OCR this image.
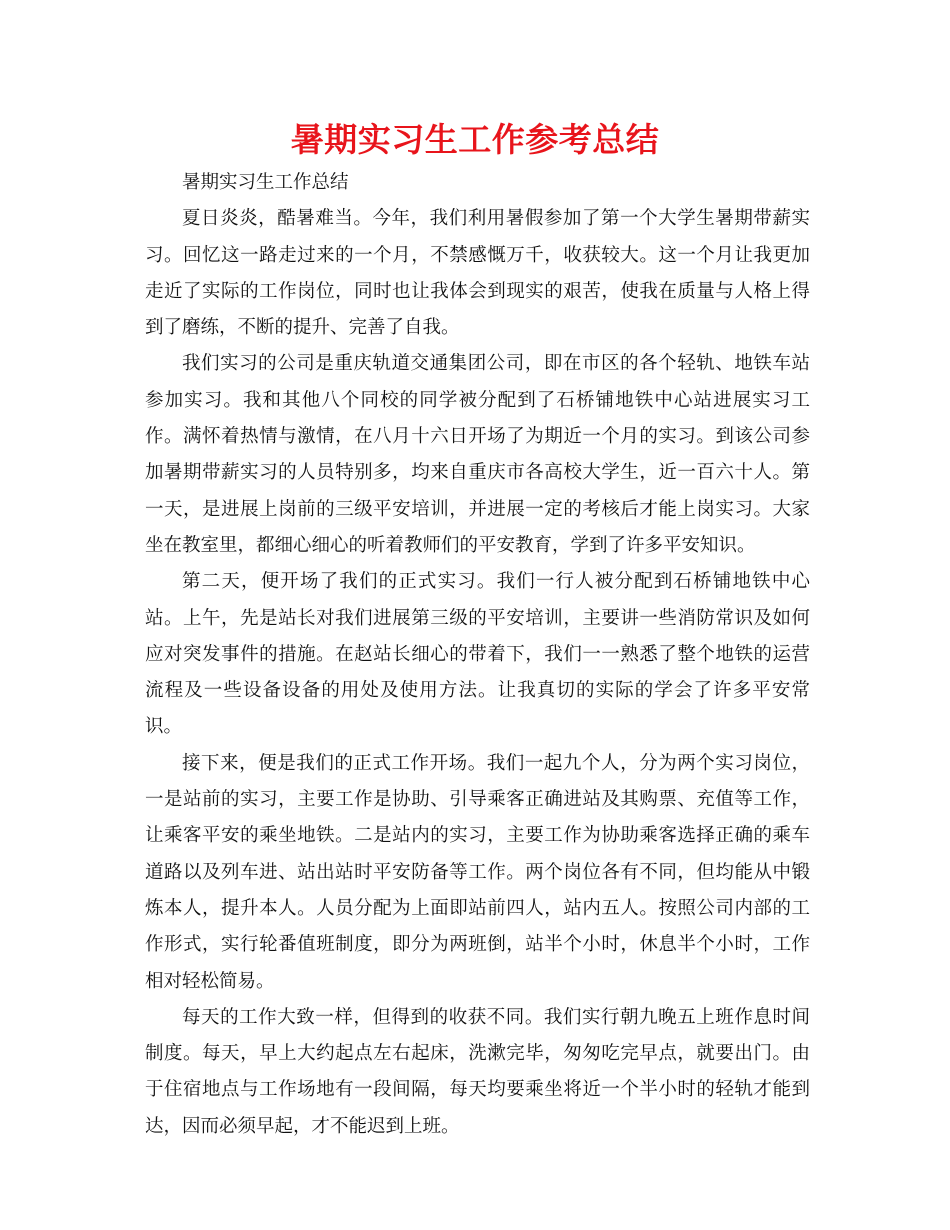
暑期实习生工作参考总结

暑期实习生工作总结

夏日炎炎，酷暑难当。今年，我们利用暑假参加了第一个大学生暑期带薪实习。回忆这一路走过来的一个月，不禁感慨万千，收获较大。这一个月让我更加走近了实际的工作岗位，同时也让我体会到现实的艰苦，使我在质量与人格上得到了磨练，不断的提升、完善了自我。

我们实习的公司是重庆轨道交通集团公司，即在市区的各个轻轨、地铁车站参加实习。我和其他八个同校的同学被分配到了石桥铺地铁中心站进展实习工作。满怀着热情与激情，在八月十六日开场了为期近一个月的实习。到该公司参加暑期带薪实习的人员特别多，均来自重庆市各高校大学生，近一百六十人。第一天，是进展上岗前的三级平安培训，并进展一定的考核后才能上岗实习。大家坐在教室里，都细心细心的听着教师们的平安教育，学到了许多平安知识。

第二天，便开场了我们的正式实习。我们一行人被分配到石桥铺地铁中心站。上午，先是站长对我们进展第三级的平安培训，主要讲一些消防常识及如何应对突发事件的措施。在赵站长细心的带着下，我们一一熟悉了整个地铁的运营流程及一些设备设备的用处及使用方法。让我真切的实际的学会了许多平安常识。

接下来，便是我们的正式工作开场。我们一起九个人，分为两个实习岗位，一是站前的实习，主要工作是协助、引导乘客正确进站及其购票、充值等工作，让乘客平安的乘坐地铁。二是站内的实习，主要工作为协助乘客选择正确的乘车道路以及列车进、站出站时平安防备等工作。两个岗位各有不同，但均能从中锻炼本人，提升本人。人员分配为上面即站前四人，站内五人。按照公司内部的工作形式，实行轮番值班制度，即分为两班倒，站半个小时，休息半个小时，工作相对轻松简易。

每天的工作大致一样，但得到的收获不同。我们实行朝九晚五上班作息时间制度。每天，早上大约起点左右起床，洗漱完毕，匆匆吃完早点，就要出门。由于住宿地点与工作场地有一段间隔，每天均要乘坐将近一个半小时的轻轨才能到达，因而必须早起，才不能迟到上班。
